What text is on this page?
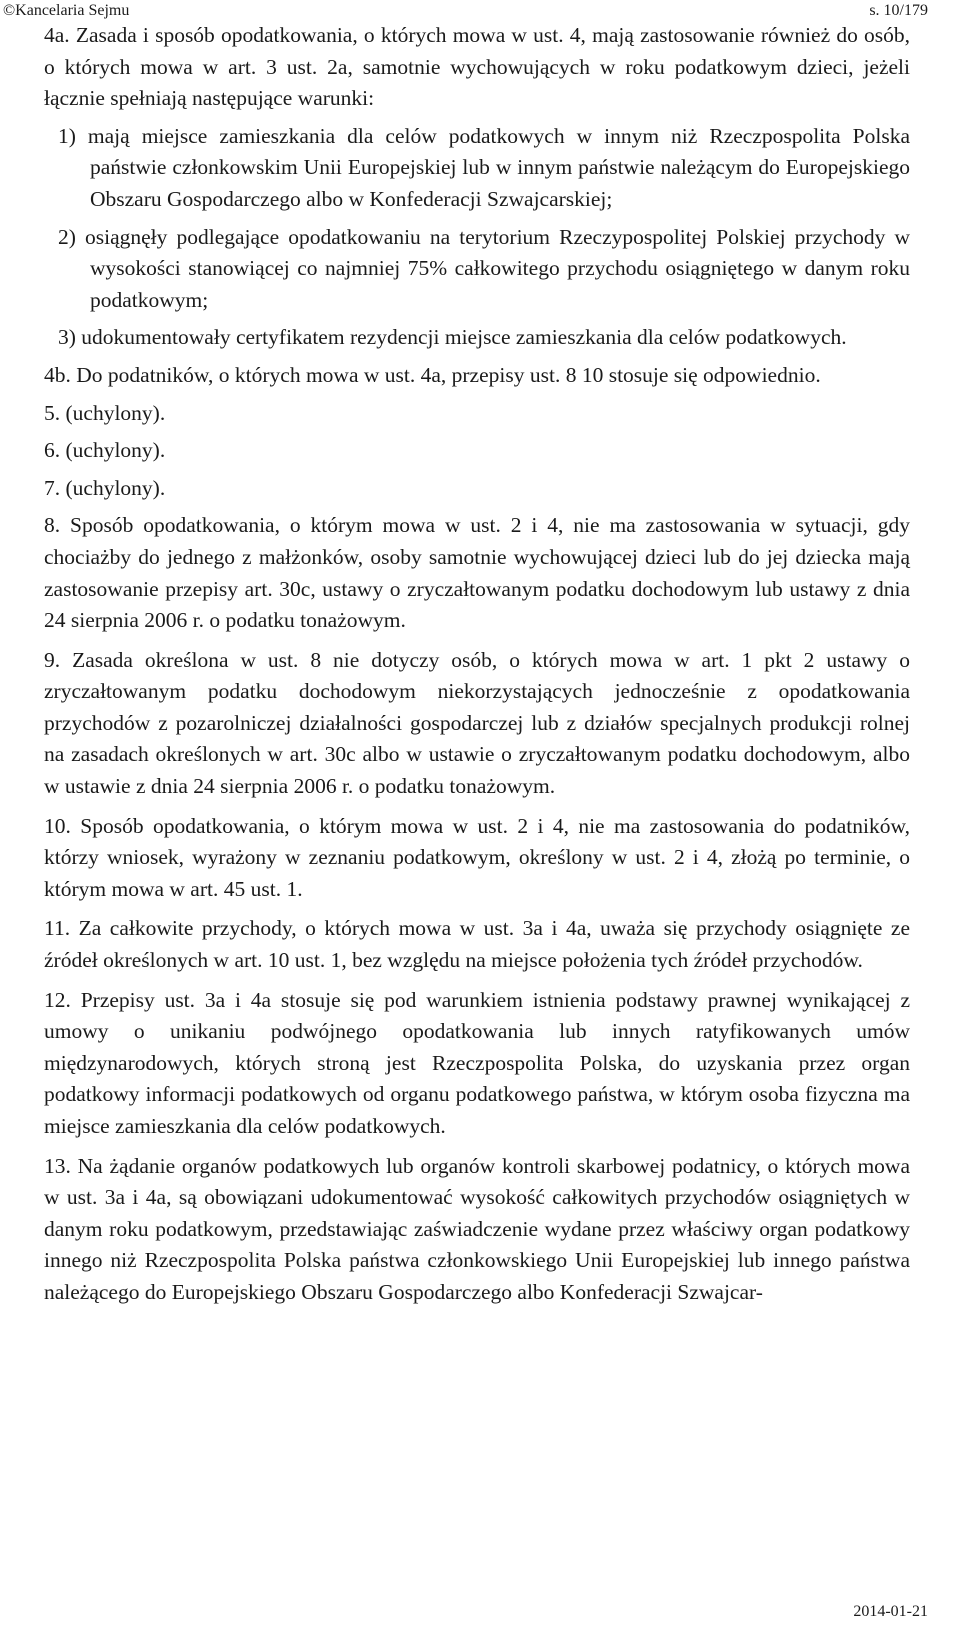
©Kancelaria Sejmu	s. 10/179

4a. Zasada i sposób opodatkowania, o których mowa w ust. 4, mają zastosowanie również do osób, o których mowa w art. 3 ust. 2a, samotnie wychowujących w roku podatkowym dzieci, jeżeli łącznie spełniają następujące warunki:

1) mają miejsce zamieszkania dla celów podatkowych w innym niż Rzeczpospolita Polska państwie członkowskim Unii Europejskiej lub w innym państwie należącym do Europejskiego Obszaru Gospodarczego albo w Konfederacji Szwajcarskiej;

2) osiągnęły podlegające opodatkowaniu na terytorium Rzeczypospolitej Polskiej przychody w wysokości stanowiącej co najmniej 75% całkowitego przychodu osiągniętego w danym roku podatkowym;

3) udokumentowały certyfikatem rezydencji miejsce zamieszkania dla celów podatkowych.

4b. Do podatników, o których mowa w ust. 4a, przepisy ust. 8 10 stosuje się odpowiednio.

5. (uchylony).

6. (uchylony).

7. (uchylony).

8. Sposób opodatkowania, o którym mowa w ust. 2 i 4, nie ma zastosowania w sytuacji, gdy chociażby do jednego z małżonków, osoby samotnie wychowującej dzieci lub do jej dziecka mają zastosowanie przepisy art. 30c, ustawy o zryczałtowanym podatku dochodowym lub ustawy z dnia 24 sierpnia 2006 r. o podatku tonażowym.

9. Zasada określona w ust. 8 nie dotyczy osób, o których mowa w art. 1 pkt 2 ustawy o zryczałtowanym podatku dochodowym niekorzystających jednocześnie z opodatkowania przychodów z pozarolniczej działalności gospodarczej lub z działów specjalnych produkcji rolnej na zasadach określonych w art. 30c albo w ustawie o zryczałtowanym podatku dochodowym, albo w ustawie z dnia 24 sierpnia 2006 r. o podatku tonażowym.

10. Sposób opodatkowania, o którym mowa w ust. 2 i 4, nie ma zastosowania do podatników, którzy wniosek, wyrażony w zeznaniu podatkowym, określony w ust. 2 i 4, złożą po terminie, o którym mowa w art. 45 ust. 1.

11. Za całkowite przychody, o których mowa w ust. 3a i 4a, uważa się przychody osiągnięte ze źródeł określonych w art. 10 ust. 1, bez względu na miejsce położenia tych źródeł przychodów.

12. Przepisy ust. 3a i 4a stosuje się pod warunkiem istnienia podstawy prawnej wynikającej z umowy o unikaniu podwójnego opodatkowania lub innych ratyfikowanych umów międzynarodowych, których stroną jest Rzeczpospolita Polska, do uzyskania przez organ podatkowy informacji podatkowych od organu podatkowego państwa, w którym osoba fizyczna ma miejsce zamieszkania dla celów podatkowych.

13. Na żądanie organów podatkowych lub organów kontroli skarbowej podatnicy, o których mowa w ust. 3a i 4a, są obowiązani udokumentować wysokość całkowitych przychodów osiągniętych w danym roku podatkowym, przedstawiając zaświadczenie wydane przez właściwy organ podatkowy innego niż Rzeczpospolita Polska państwa członkowskiego Unii Europejskiej lub innego państwa należącego do Europejskiego Obszaru Gospodarczego albo Konfederacji Szwajcar-

2014-01-21
